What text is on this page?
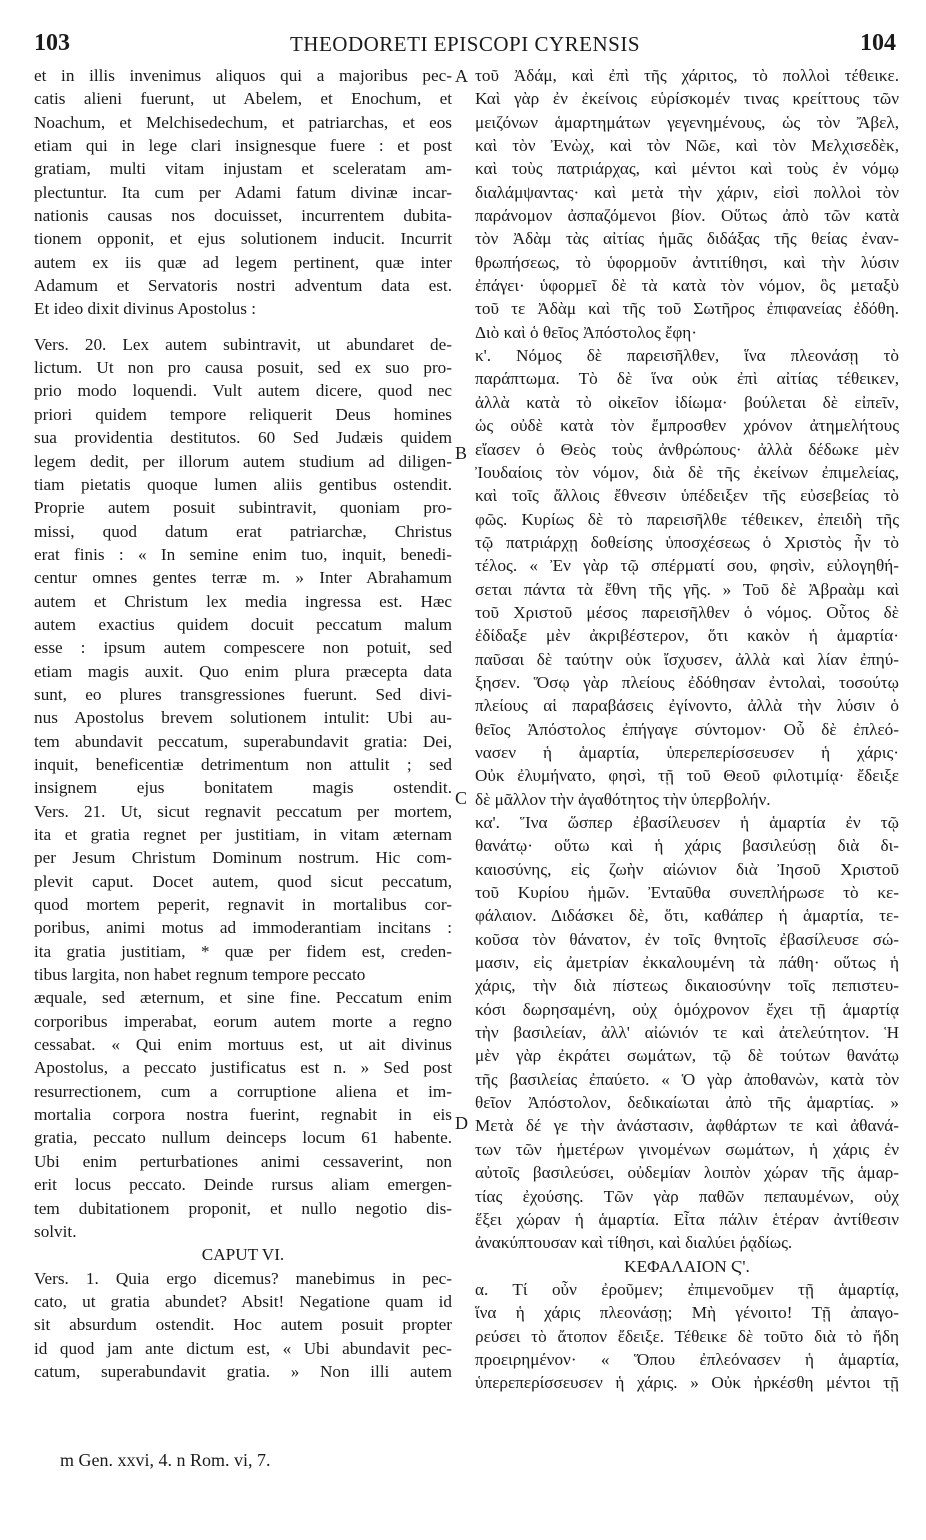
103	THEODORETI EPISCOPI CYRENSIS	104
et in illis invenimus aliquos qui a majoribus pec-
catis alieni fuerunt, ut Abelem, et Enochum, et
Noachum, et Melchisedechum, et patriarchas, et eos
etiam qui in lege clari insignesque fuere : et post
gratiam, multi vitam injustam et sceleratam am-
plectuntur. Ita cum per Adami fatum divinæ incar-
nationis causas nos docuisset, incurrentem dubita-
tionem opponit, et ejus solutionem inducit. Incurrit
autem ex iis quæ ad legem pertinent, quæ inter
Adamum et Servatoris nostri adventum data est.
Et ideo dixit divinus Apostolus :
Vers. 20. Lex autem subintravit, ut abundaret de-
lictum. Ut non pro causa posuit, sed ex suo pro-
prio modo loquendi. Vult autem dicere, quod nec
priori quidem tempore reliquerit Deus homines
sua providentia destitutos. 60 Sed Judæis quidem
legem dedit, per illorum autem studium ad diligen-
tiam pietatis quoque lumen aliis gentibus ostendit.
Proprie autem posuit subintravit, quoniam pro-
missi, quod datum erat patriarchæ, Christus
erat finis : « In semine enim tuo, inquit, benedi-
centur omnes gentes terræ m. » Inter Abrahamum
autem et Christum lex media ingressa est. Hæc
autem exactius quidem docuit peccatum malum
esse : ipsum autem compescere non potuit, sed
etiam magis auxit. Quo enim plura præcepta data
sunt, eo plures transgressiones fuerunt. Sed divi-
nus Apostolus brevem solutionem intulit: Ubi au-
tem abundavit peccatum, superabundavit gratia: Dei,
inquit, beneficentiæ detrimentum non attulit ; sed
insignem ejus bonitatem magis ostendit.
Vers. 21. Ut, sicut regnavit peccatum per mortem,
ita et gratia regnet per justitiam, in vitam æternam
per Jesum Christum Dominum nostrum. Hic com-
plevit caput. Docet autem, quod sicut peccatum,
quod mortem peperit, regnavit in mortalibus cor-
poribus, animi motus ad immoderantiam incitans :
ita gratia justitiam, * quæ per fidem est, creden-
tibus largita, non habet regnum tempore peccato
æquale, sed æternum, et sine fine. Peccatum enim
corporibus imperabat, eorum autem morte a regno
cessabat. « Qui enim mortuus est, ut ait divinus
Apostolus, a peccato justificatus est n. » Sed post
resurrectionem, cum a corruptione aliena et im-
mortalia corpora nostra fuerint, regnabit in eis
gratia, peccato nullum deinceps locum 61 habente.
Ubi enim perturbationes animi cessaverint, non
erit locus peccato. Deinde rursus aliam emergen-
tem dubitationem proponit, et nullo negotio dis-
solvit.
CAPUT VI.
Vers. 1. Quia ergo dicemus? manebimus in pec-
cato, ut gratia abundet? Absit! Negatione quam id
sit absurdum ostendit. Hoc autem posuit propter
id quod jam ante dictum est, « Ubi abundavit pec-
catum, superabundavit gratia. » Non illi autem
A
B
C
D
τοῦ Ἀδάμ, καὶ ἐπὶ τῆς χάριτος, τὸ πολλοὶ τέθεικε.
Καὶ γὰρ ἐν ἐκείνοις εὑρίσκομέν τινας κρείττους τῶν
μειζόνων ἁμαρτημάτων γεγενημένους, ὡς τὸν Ἄβελ,
καὶ τὸν Ἐνὼχ, καὶ τὸν Νῶε, καὶ τὸν Μελχισεδὲκ,
καὶ τοὺς πατριάρχας, καὶ μέντοι καὶ τοὺς ἐν νόμῳ
διαλάμψαντας· καὶ μετὰ τὴν χάριν, εἰσὶ πολλοὶ τὸν
παράνομον ἀσπαζόμενοι βίον. Οὕτως ἀπὸ τῶν κατὰ
τὸν Ἀδὰμ τὰς αἰτίας ἡμᾶς διδάξας τῆς θείας ἐναν-
θρωπήσεως, τὸ ὑφορμοῦν ἀντιτίθησι, καὶ τὴν λύσιν
ἐπάγει· ὑφορμεῖ δὲ τὰ κατὰ τὸν νόμον, ὃς μεταξὺ
τοῦ τε Ἀδὰμ καὶ τῆς τοῦ Σωτῆρος ἐπιφανείας ἐδόθη.
Διὸ καὶ ὁ θεῖος Ἀπόστολος ἔφη·
κ'. Νόμος δὲ παρεισῆλθεν, ἵνα πλεονάσῃ τὸ
παράπτωμα. Τὸ δὲ ἵνα οὐκ ἐπὶ αἰτίας τέθεικεν,
ἀλλὰ κατὰ τὸ οἰκεῖον ἰδίωμα· βούλεται δὲ εἰπεῖν,
ὡς οὐδὲ κατὰ τὸν ἔμπροσθεν χρόνον ἀτημελήτους
εἴασεν ὁ Θεὸς τοὺς ἀνθρώπους· ἀλλὰ δέδωκε μὲν
Ἰουδαίοις τὸν νόμον, διὰ δὲ τῆς ἐκείνων ἐπιμελείας,
καὶ τοῖς ἄλλοις ἔθνεσιν ὑπέδειξεν τῆς εὐσεβείας τὸ
φῶς. Κυρίως δὲ τὸ παρεισῆλθε τέθεικεν, ἐπειδὴ τῆς
τῷ πατριάρχῃ δοθείσης ὑποσχέσεως ὁ Χριστὸς ἦν τὸ
τέλος. « Ἐν γὰρ τῷ σπέρματί σου, φησὶν, εὐλογηθή-
σεται πάντα τὰ ἔθνη τῆς γῆς. » Τοῦ δὲ Ἀβραὰμ καὶ
τοῦ Χριστοῦ μέσος παρεισῆλθεν ὁ νόμος. Οὗτος δὲ
ἐδίδαξε μὲν ἀκριβέστερον, ὅτι κακὸν ἡ ἁμαρτία·
παῦσαι δὲ ταύτην οὐκ ἴσχυσεν, ἀλλὰ καὶ λίαν ἐπηύ-
ξησεν. Ὅσῳ γὰρ πλείους ἐδόθησαν ἐντολαὶ, τοσούτῳ
πλείους αἱ παραβάσεις ἐγίνοντο, ἀλλὰ τὴν λύσιν ὁ
θεῖος Ἀπόστολος ἐπήγαγε σύντομον· Οὗ δὲ ἐπλεό-
νασεν ἡ ἁμαρτία, ὑπερεπερίσσευσεν ἡ χάρις·
Οὐκ ἐλυμήνατο, φησὶ, τῇ τοῦ Θεοῦ φιλοτιμίᾳ· ἔδειξε
δὲ μᾶλλον τὴν ἀγαθότητος τὴν ὑπερβολήν.
κα'. Ἵνα ὥσπερ ἐβασίλευσεν ἡ ἁμαρτία ἐν τῷ
θανάτῳ· οὕτω καὶ ἡ χάρις βασιλεύσῃ διὰ δι-
καιοσύνης, εἰς ζωὴν αἰώνιον διὰ Ἰησοῦ Χριστοῦ
τοῦ Κυρίου ἡμῶν. Ἐνταῦθα συνεπλήρωσε τὸ κε-
φάλαιον. Διδάσκει δὲ, ὅτι, καθάπερ ἡ ἁμαρτία, τε-
κοῦσα τὸν θάνατον, ἐν τοῖς θνητοῖς ἐβασίλευσε σώ-
μασιν, εἰς ἀμετρίαν ἐκκαλουμένη τὰ πάθη· οὕτως ἡ
χάρις, τὴν διὰ πίστεως δικαιοσύνην τοῖς πεπιστευ-
κόσι δωρησαμένη, οὐχ ὁμόχρονον ἔχει τῇ ἁμαρτίᾳ
τὴν βασιλείαν, ἀλλ' αἰώνιόν τε καὶ ἀτελεύτητον. Ἡ
μὲν γὰρ ἐκράτει σωμάτων, τῷ δὲ τούτων θανάτῳ
τῆς βασιλείας ἐπαύετο. « Ὁ γὰρ ἀποθανὼν, κατὰ τὸν
θεῖον Ἀπόστολον, δεδικαίωται ἀπὸ τῆς ἁμαρτίας. »
Μετὰ δέ γε τὴν ἀνάστασιν, ἀφθάρτων τε καὶ ἀθανά-
των τῶν ἡμετέρων γινομένων σωμάτων, ἡ χάρις ἐν
αὐτοῖς βασιλεύσει, οὐδεμίαν λοιπὸν χώραν τῆς ἁμαρ-
τίας ἐχούσης. Τῶν γὰρ παθῶν πεπαυμένων, οὐχ
ἕξει χώραν ἡ ἁμαρτία. Εἶτα πάλιν ἑτέραν ἀντίθεσιν
ἀνακύπτουσαν καὶ τίθησι, καὶ διαλύει ῥᾳδίως.
ΚΕΦΑΛΑΙΟΝ Ϛ'.
α. Τί οὖν ἐροῦμεν; ἐπιμενοῦμεν τῇ ἁμαρτίᾳ,
ἵνα ἡ χάρις πλεονάσῃ; Μὴ γένοιτο! Τῇ ἀπαγο-
ρεύσει τὸ ἄτοπον ἔδειξε. Τέθεικε δὲ τοῦτο διὰ τὸ ἤδη
προειρημένον· « Ὅπου ἐπλεόνασεν ἡ ἁμαρτία,
ὑπερεπερίσσευσεν ἡ χάρις. » Οὐκ ἠρκέσθη μέντοι τῇ
m Gen. xxvi, 4. n Rom. vi, 7.
